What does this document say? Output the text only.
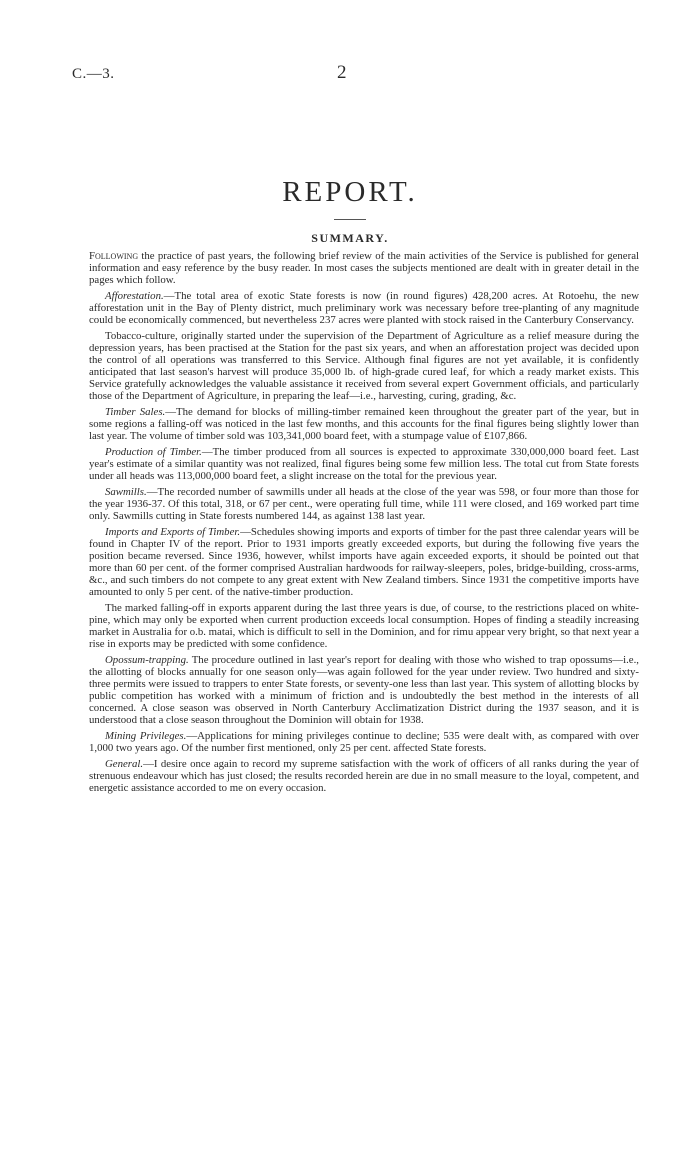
C.—3.	2
REPORT.
SUMMARY.

Following the practice of past years, the following brief review of the main activities of the Service is published for general information and easy reference by the busy reader. In most cases the subjects mentioned are dealt with in greater detail in the pages which follow.

Afforestation.—The total area of exotic State forests is now (in round figures) 428,200 acres. At Rotoehu, the new afforestation unit in the Bay of Plenty district, much preliminary work was necessary before tree-planting of any magnitude could be economically commenced, but nevertheless 237 acres were planted with stock raised in the Canterbury Conservancy.

Tobacco-culture, originally started under the supervision of the Department of Agriculture as a relief measure during the depression years, has been practised at the Station for the past six years, and when an afforestation project was decided upon the control of all operations was transferred to this Service. Although final figures are not yet available, it is confidently anticipated that last season's harvest will produce 35,000 lb. of high-grade cured leaf, for which a ready market exists. This Service gratefully acknowledges the valuable assistance it received from several expert Government officials, and particularly those of the Department of Agriculture, in preparing the leaf—i.e., harvesting, curing, grading, &c.

Timber Sales.—The demand for blocks of milling-timber remained keen throughout the greater part of the year, but in some regions a falling-off was noticed in the last few months, and this accounts for the final figures being slightly lower than last year. The volume of timber sold was 103,341,000 board feet, with a stumpage value of £107,866.

Production of Timber.—The timber produced from all sources is expected to approximate 330,000,000 board feet. Last year's estimate of a similar quantity was not realized, final figures being some few million less. The total cut from State forests under all heads was 113,000,000 board feet, a slight increase on the total for the previous year.

Sawmills.—The recorded number of sawmills under all heads at the close of the year was 598, or four more than those for the year 1936-37. Of this total, 318, or 67 per cent., were operating full time, while 111 were closed, and 169 worked part time only. Sawmills cutting in State forests numbered 144, as against 138 last year.

Imports and Exports of Timber.—Schedules showing imports and exports of timber for the past three calendar years will be found in Chapter IV of the report. Prior to 1931 imports greatly exceeded exports, but during the following five years the position became reversed. Since 1936, however, whilst imports have again exceeded exports, it should be pointed out that more than 60 per cent. of the former comprised Australian hardwoods for railway-sleepers, poles, bridge-building, cross-arms, &c., and such timbers do not compete to any great extent with New Zealand timbers. Since 1931 the competitive imports have amounted to only 5 per cent. of the native-timber production.

The marked falling-off in exports apparent during the last three years is due, of course, to the restrictions placed on white-pine, which may only be exported when current production exceeds local consumption. Hopes of finding a steadily increasing market in Australia for o.b. matai, which is difficult to sell in the Dominion, and for rimu appear very bright, so that next year a rise in exports may be predicted with some confidence.

Opossum-trapping. The procedure outlined in last year's report for dealing with those who wished to trap opossums—i.e., the allotting of blocks annually for one season only—was again followed for the year under review. Two hundred and sixty-three permits were issued to trappers to enter State forests, or seventy-one less than last year. This system of allotting blocks by public competition has worked with a minimum of friction and is undoubtedly the best method in the interests of all concerned. A close season was observed in North Canterbury Acclimatization District during the 1937 season, and it is understood that a close season throughout the Dominion will obtain for 1938.

Mining Privileges.—Applications for mining privileges continue to decline; 535 were dealt with, as compared with over 1,000 two years ago. Of the number first mentioned, only 25 per cent. affected State forests.

General.—I desire once again to record my supreme satisfaction with the work of officers of all ranks during the year of strenuous endeavour which has just closed; the results recorded herein are due in no small measure to the loyal, competent, and energetic assistance accorded to me on every occasion.
